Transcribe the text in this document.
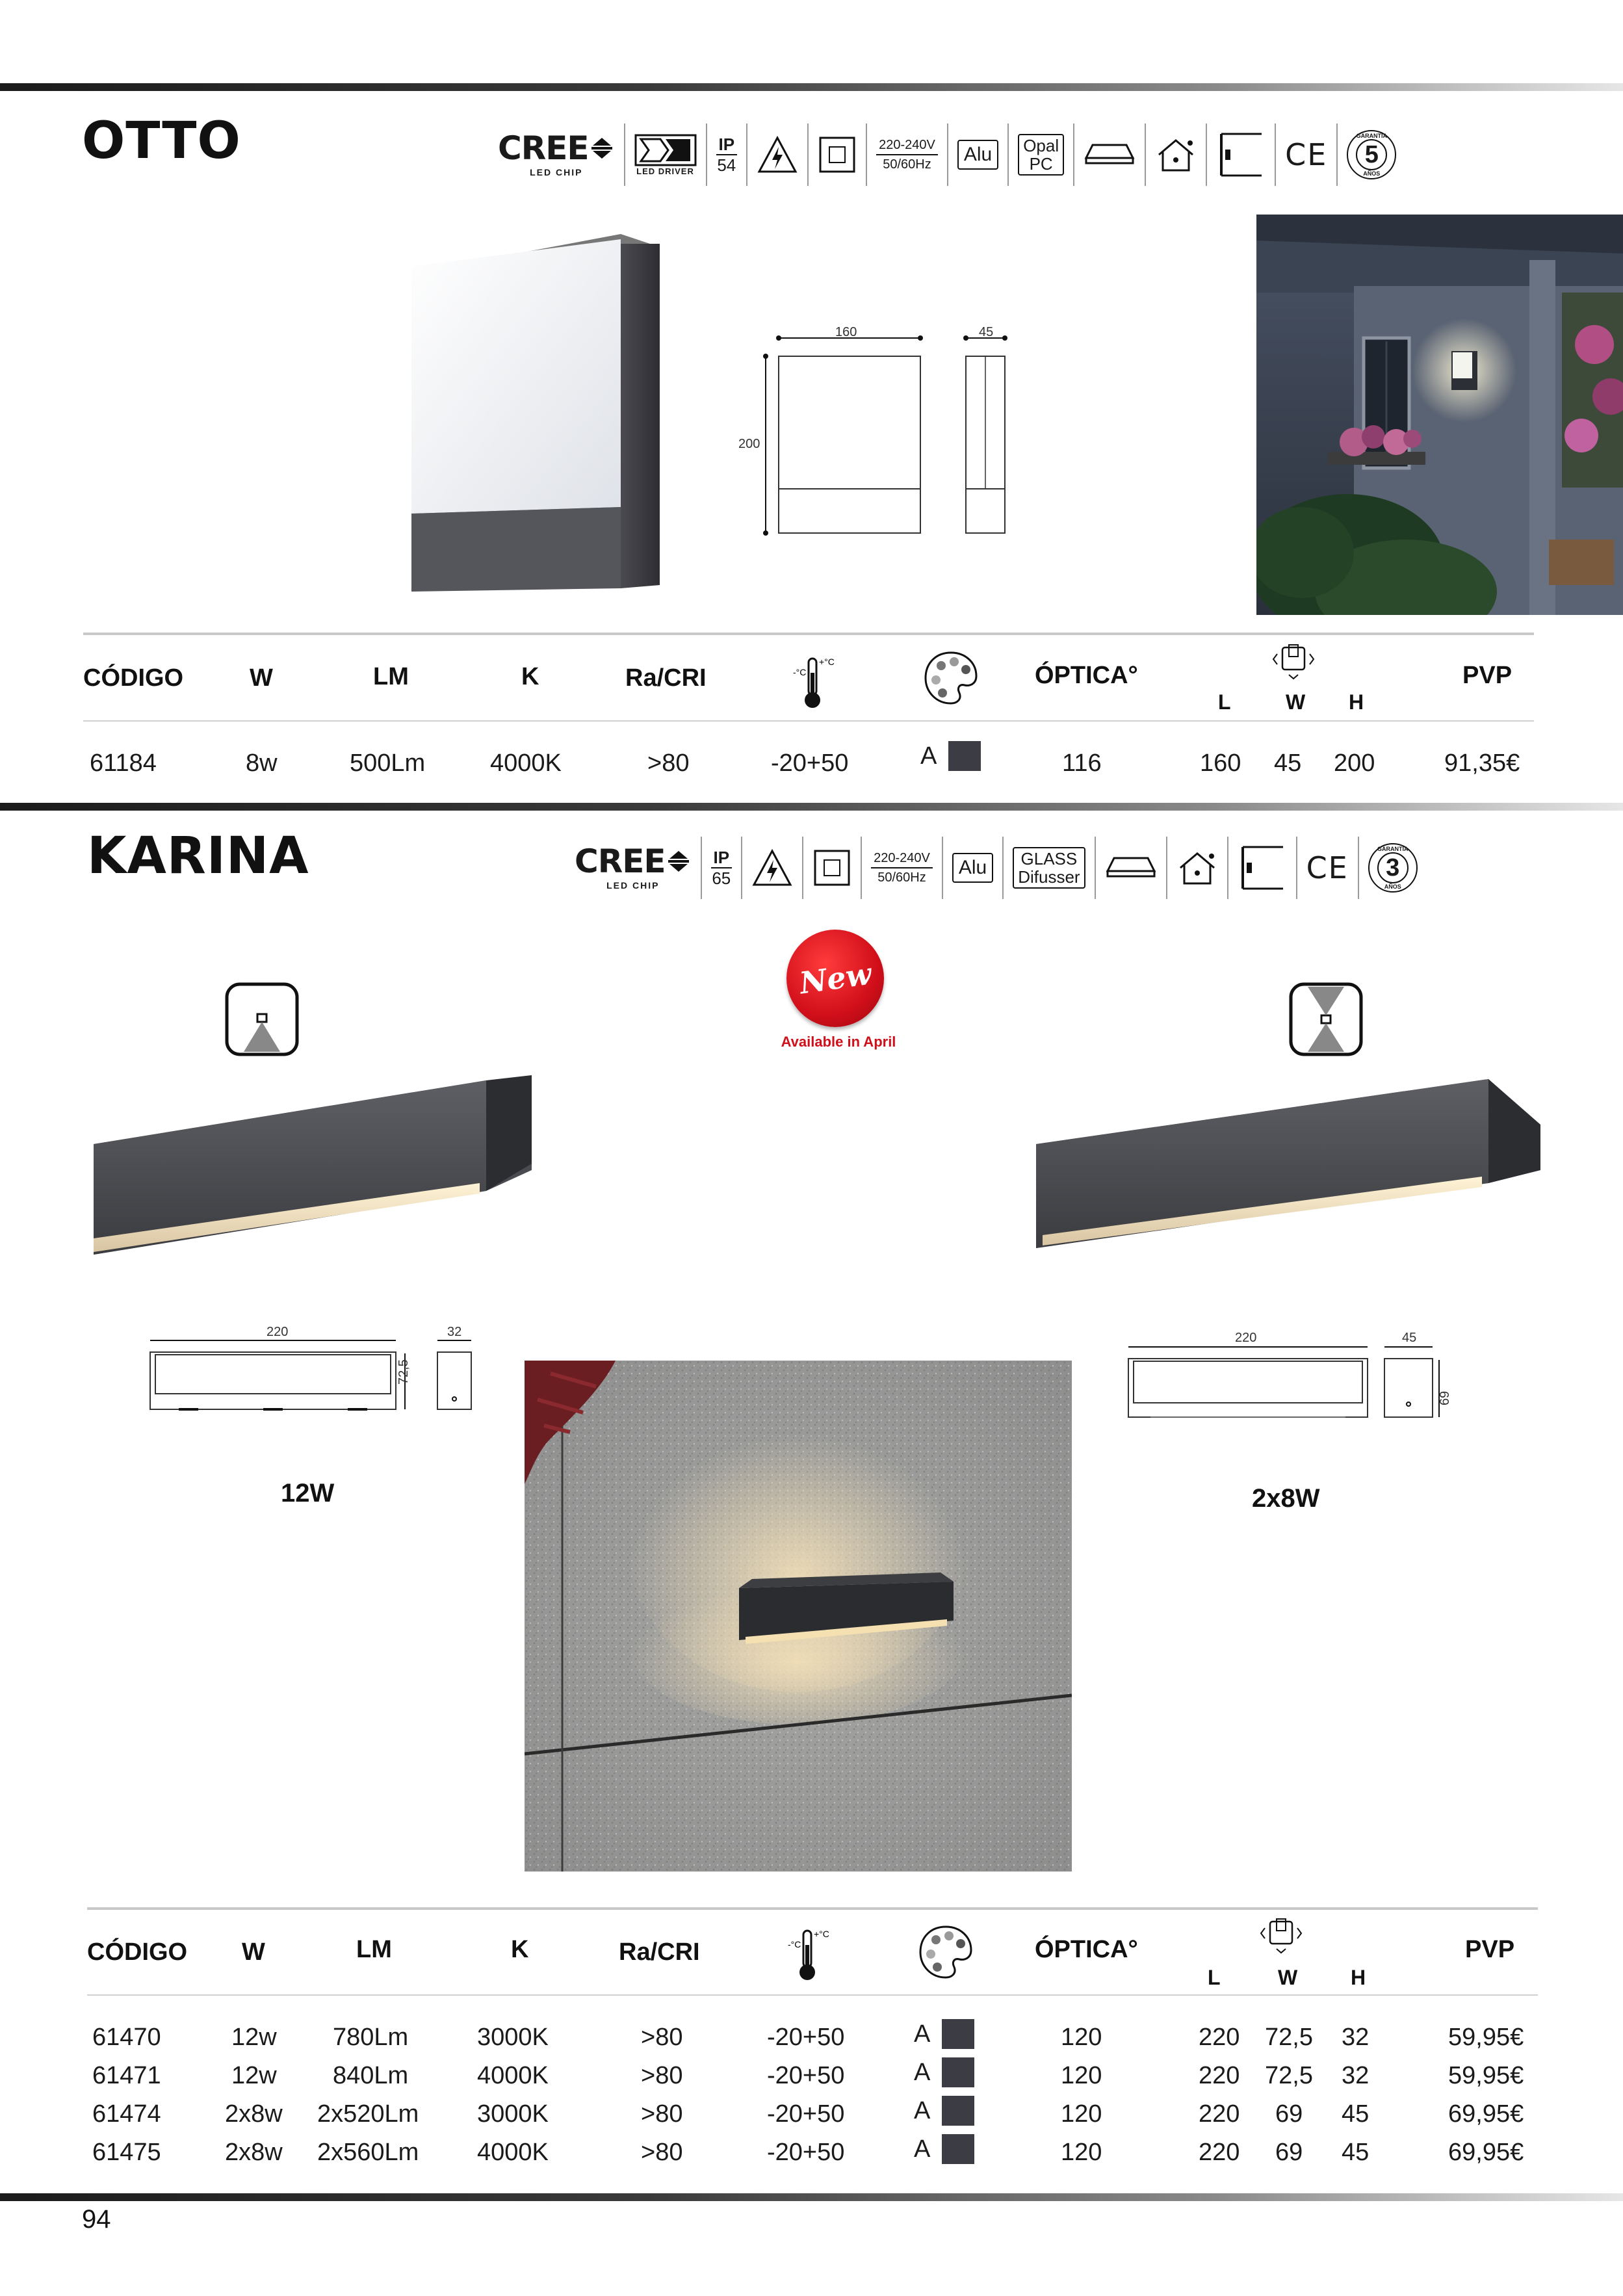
OTTO	CREE
LED CHIP	LED DRIVER
IP
54
220-240V
50/60Hz	Alu	Opal
PC	CE
GARANTÍA
5
AÑOS
160
200
45
CÓDIGO	W	LM	K	Ra/CRI	-°C
+°C	ÓPTICA°
L	W H
PVP
61184	8w	500Lm	4000K	>80	-20+50	A	116	160 45 200	91,35€
KARINA	CREE
LED CHIP
IP
65
220-240V
50/60Hz	Alu	GLASS
Difusser	CE
GARANTÍA
3
AÑOS
New
Available in April
220	32
72,5
12W
220	45
69
2x8W
CÓDIGO W	LM	K	Ra/CRI	-°C
+°C
ÓPTICA°
L	W	H
PVP
61470	12w 780Lm	3000K	>80	-20+50	A	120	220 72,5 32	59,95€
61471	12w 840Lm	4000K	>80	-20+50	A	120	220 72,5 32	59,95€
61474	2x8w 2x520Lm 3000K	>80	-20+50	A	120	220 69 45	69,95€
61475	2x8w 2x560Lm 4000K	>80	-20+50	A	120	220 69 45	69,95€
94
